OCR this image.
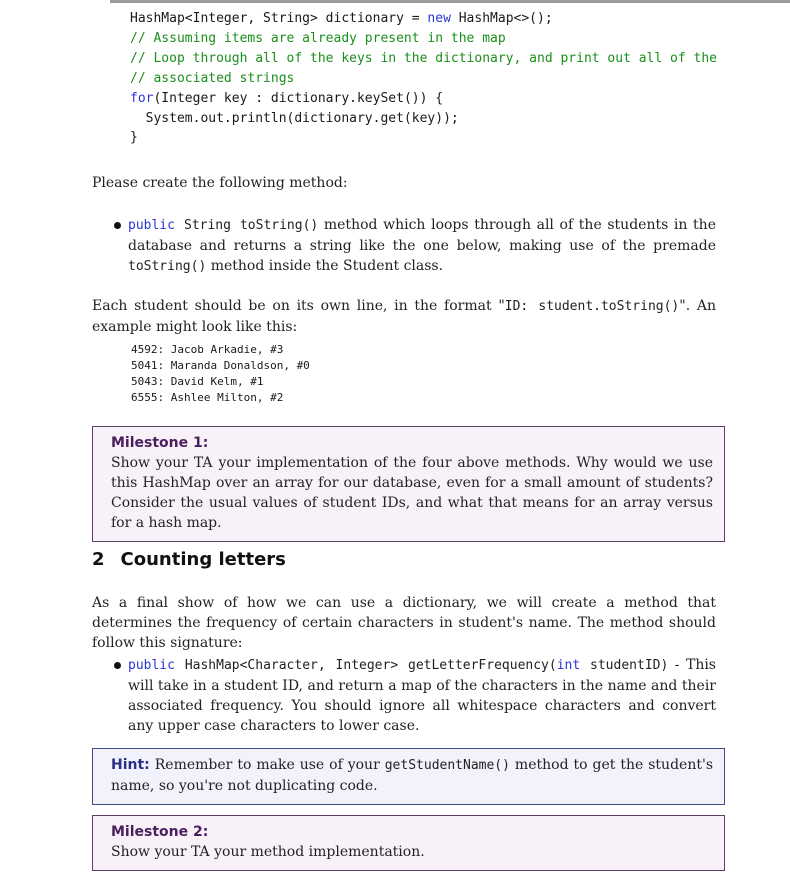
HashMap<Integer, String> dictionary = new HashMap<>();
// Assuming items are already present in the map
// Loop through all of the keys in the dictionary, and print out all of the
// associated strings
for(Integer key : dictionary.keySet()) {
System.out.println(dictionary.get(key));
}
Please create the following method:
public String toString() method which loops through all of the students in the database and returns a string like the one below, making use of the premade toString() method inside the Student class.
Each student should be on its own line, in the format "ID: student.toString()". An example might look like this:
4592: Jacob Arkadie, #3
5041: Maranda Donaldson, #0
5043: David Kelm, #1
6555: Ashlee Milton, #2
Milestone 1:
Show your TA your implementation of the four above methods. Why would we use this HashMap over an array for our database, even for a small amount of students? Consider the usual values of student IDs, and what that means for an array versus for a hash map.
2 Counting letters
As a final show of how we can use a dictionary, we will create a method that determines the frequency of certain characters in student's name. The method should follow this signature:
public HashMap<Character, Integer> getLetterFrequency(int studentID) - This will take in a student ID, and return a map of the characters in the name and their associated frequency. You should ignore all whitespace characters and convert any upper case characters to lower case.
Hint: Remember to make use of your getStudentName() method to get the student's name, so you're not duplicating code.
Milestone 2:
Show your TA your method implementation.
